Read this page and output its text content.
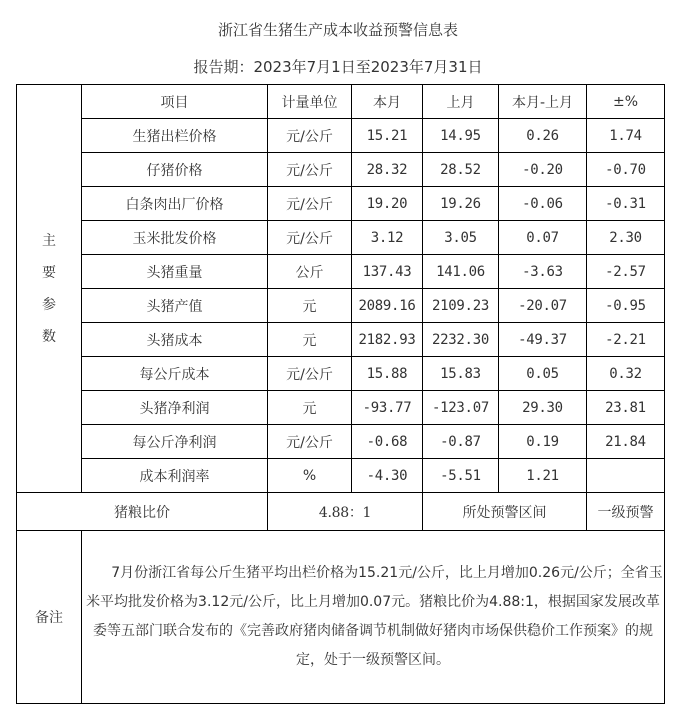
浙江省生猪生产成本收益预警信息表
报告期：2023年7月1日至2023年7月31日
主
要
参
数	项目	计量单位	本月	上月	本月-上月	±%
	生猪出栏价格	元/公斤	15.21	14.95	0.26	1.74
	仔猪价格	元/公斤	28.32	28.52	-0.20	-0.70
	白条肉出厂价格	元/公斤	19.20	19.26	-0.06	-0.31
	玉米批发价格	元/公斤	3.12	3.05	0.07	2.30
	头猪重量	公斤	137.43	141.06	-3.63	-2.57
	头猪产值	元	2089.16	2109.23	-20.07	-0.95
	头猪成本	元	2182.93	2232.30	-49.37	-2.21
	每公斤成本	元/公斤	15.88	15.83	0.05	0.32
	头猪净利润	元	-93.77	-123.07	29.30	23.81
	每公斤净利润	元/公斤	-0.68	-0.87	0.19	21.84
	成本利润率	%	-4.30	-5.51	1.21	
猪粮比价		4.88：1		所处预警区间		一级预警
备注	7月份浙江省每公斤生猪平均出栏价格为15.21元/公斤，比上月增加0.26元/公斤；全省玉米平均批发价格为3.12元/公斤，比上月增加0.07元。猪粮比价为4.88:1，根据国家发展改革委等五部门联合发布的《完善政府猪肉储备调节机制做好猪肉市场保供稳价工作预案》的规定，处于一级预警区间。					
